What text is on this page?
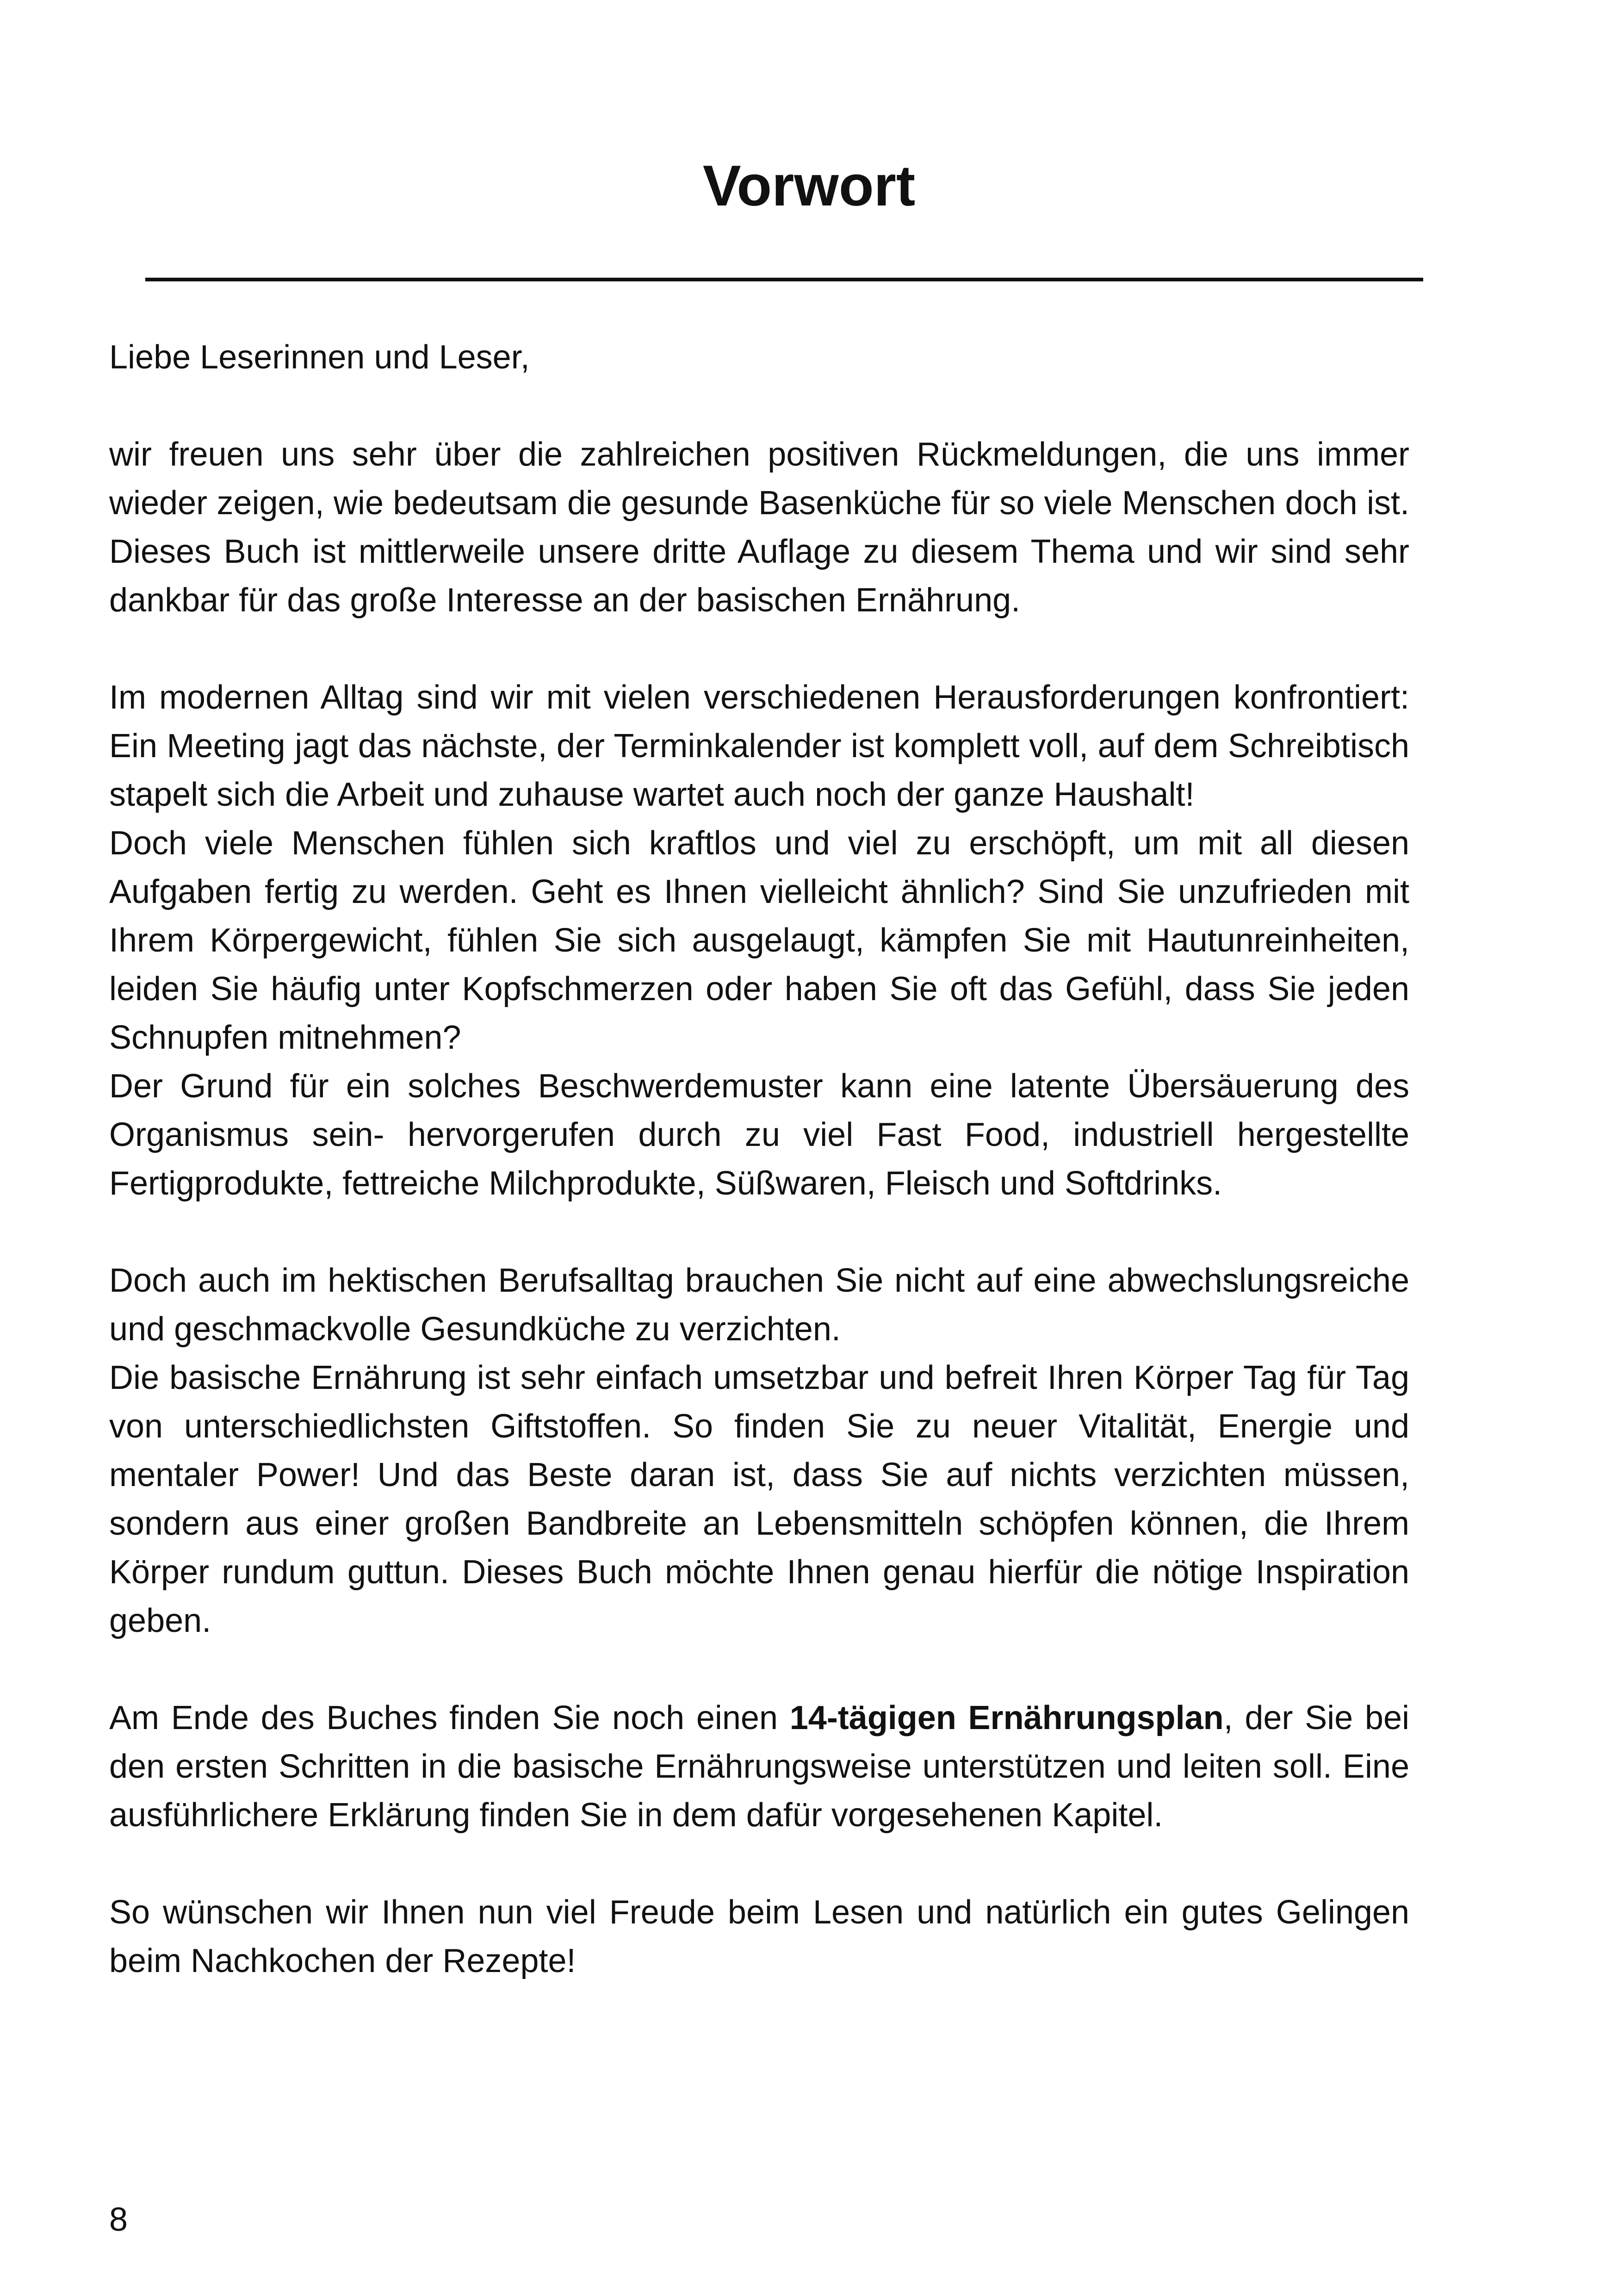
Vorwort

Liebe Leserinnen und Leser,

wir freuen uns sehr über die zahlreichen positiven Rückmeldungen, die uns immer wieder zeigen, wie bedeutsam die gesunde Basenküche für so viele Menschen doch ist. Dieses Buch ist mittlerweile unsere dritte Auflage zu diesem Thema und wir sind sehr dankbar für das große Interesse an der basischen Ernährung.

Im modernen Alltag sind wir mit vielen verschiedenen Herausforderungen konfrontiert: Ein Meeting jagt das nächste, der Terminkalender ist komplett voll, auf dem Schreibtisch stapelt sich die Arbeit und zuhause wartet auch noch der ganze Haushalt!

Doch viele Menschen fühlen sich kraftlos und viel zu erschöpft, um mit all diesen Aufgaben fertig zu werden. Geht es Ihnen vielleicht ähnlich? Sind Sie unzufrieden mit Ihrem Körpergewicht, fühlen Sie sich ausgelaugt, kämpfen Sie mit Hautunreinheiten, leiden Sie häufig unter Kopfschmerzen oder haben Sie oft das Gefühl, dass Sie jeden Schnupfen mitnehmen?

Der Grund für ein solches Beschwerdemuster kann eine latente Übersäuerung des Organismus sein- hervorgerufen durch zu viel Fast Food, industriell hergestellte Fertigprodukte, fettreiche Milchprodukte, Süßwaren, Fleisch und Softdrinks.

Doch auch im hektischen Berufsalltag brauchen Sie nicht auf eine abwechslungsreiche und geschmackvolle Gesundküche zu verzichten.

Die basische Ernährung ist sehr einfach umsetzbar und befreit Ihren Körper Tag für Tag von unterschiedlichsten Giftstoffen. So finden Sie zu neuer Vitalität, Energie und mentaler Power! Und das Beste daran ist, dass Sie auf nichts verzichten müssen, sondern aus einer großen Bandbreite an Lebensmitteln schöpfen können, die Ihrem Körper rundum guttun. Dieses Buch möchte Ihnen genau hierfür die nötige Inspiration geben.

Am Ende des Buches finden Sie noch einen 14-tägigen Ernährungsplan, der Sie bei den ersten Schritten in die basische Ernährungsweise unterstützen und leiten soll. Eine ausführlichere Erklärung finden Sie in dem dafür vorgesehenen Kapitel.

So wünschen wir Ihnen nun viel Freude beim Lesen und natürlich ein gutes Gelingen beim Nachkochen der Rezepte!

8
